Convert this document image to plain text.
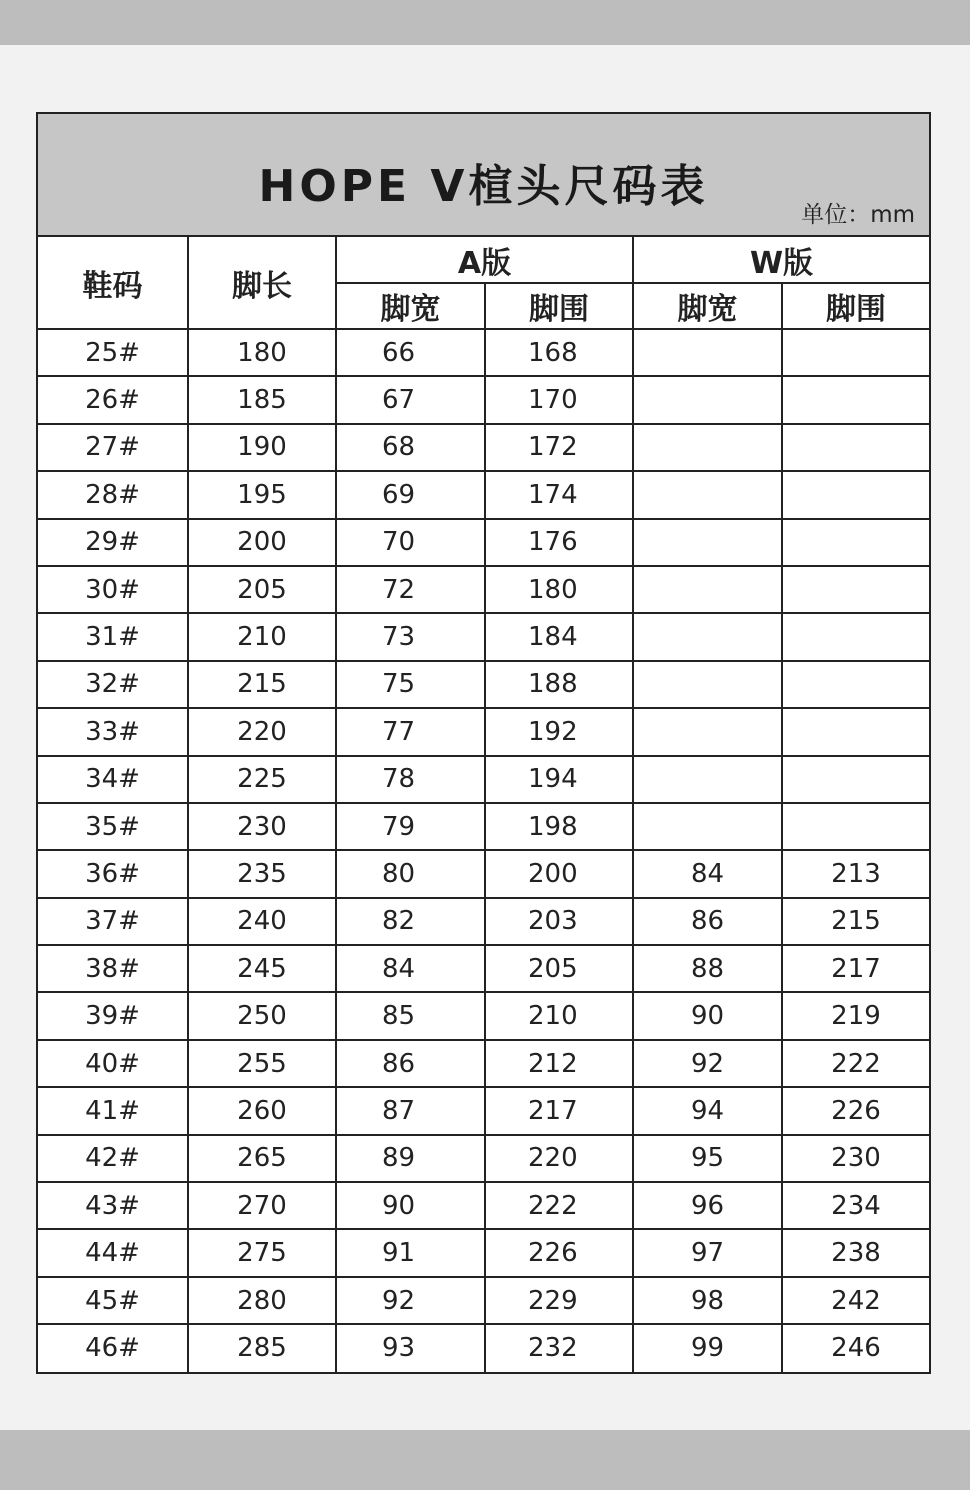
HOPE V楦头尺码表
单位：mm
鞋码	脚长	A版		W版	
		脚宽	脚围	脚宽	脚围
25#	180	66	168		
26#	185	67	170		
27#	190	68	172		
28#	195	69	174		
29#	200	70	176		
30#	205	72	180		
31#	210	73	184		
32#	215	75	188		
33#	220	77	192		
34#	225	78	194		
35#	230	79	198		
36#	235	80	200	84	213
37#	240	82	203	86	215
38#	245	84	205	88	217
39#	250	85	210	90	219
40#	255	86	212	92	222
41#	260	87	217	94	226
42#	265	89	220	95	230
43#	270	90	222	96	234
44#	275	91	226	97	238
45#	280	92	229	98	242
46#	285	93	232	99	246
